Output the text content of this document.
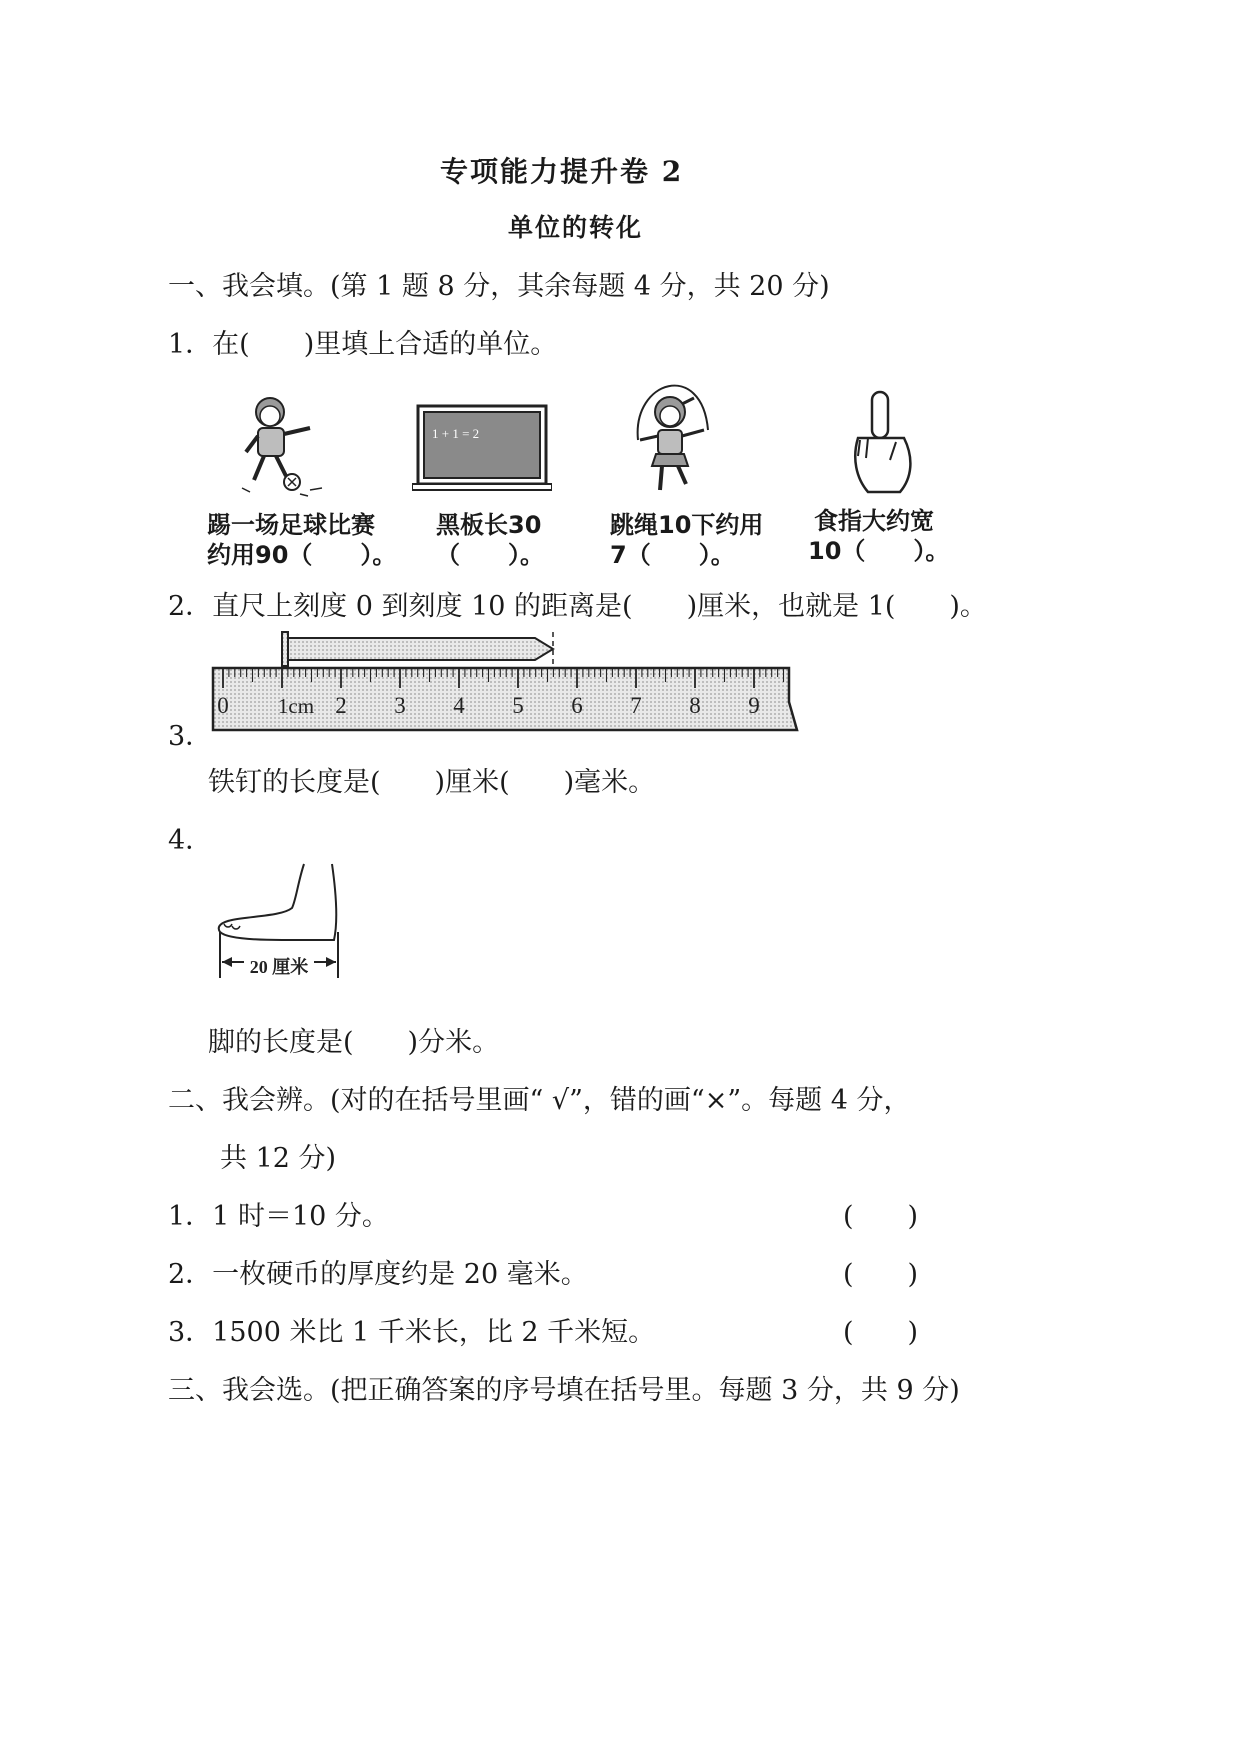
专项能力提升卷 2
单位的转化
一、我会填。(第 1 题 8 分，其余每题 4 分，共 20 分)
1．在(　　)里填上合适的单位。
1 + 1 = 2
踢一场足球比赛
约用90（　　）。
黑板长30
（　　）。
跳绳10下约用
7（　　）。
食指大约宽
10（　　）。
2．直尺上刻度 0 到刻度 10 的距离是(　　)厘米，也就是 1(　　)。
0 1cm 2 3 4 5 6 7 8 9
3．
铁钉的长度是(　　)厘米(　　)毫米。
4．
20 厘米
脚的长度是(　　)分米。
二、我会辨。(对的在括号里画“ √”，错的画“×”。每题 4 分，
共 12 分)
1．1 时＝10 分。	(　　)
2．一枚硬币的厚度约是 20 毫米。	(　　)
3．1500 米比 1 千米长，比 2 千米短。	(　　)
三、我会选。(把正确答案的序号填在括号里。每题 3 分，共 9 分)
